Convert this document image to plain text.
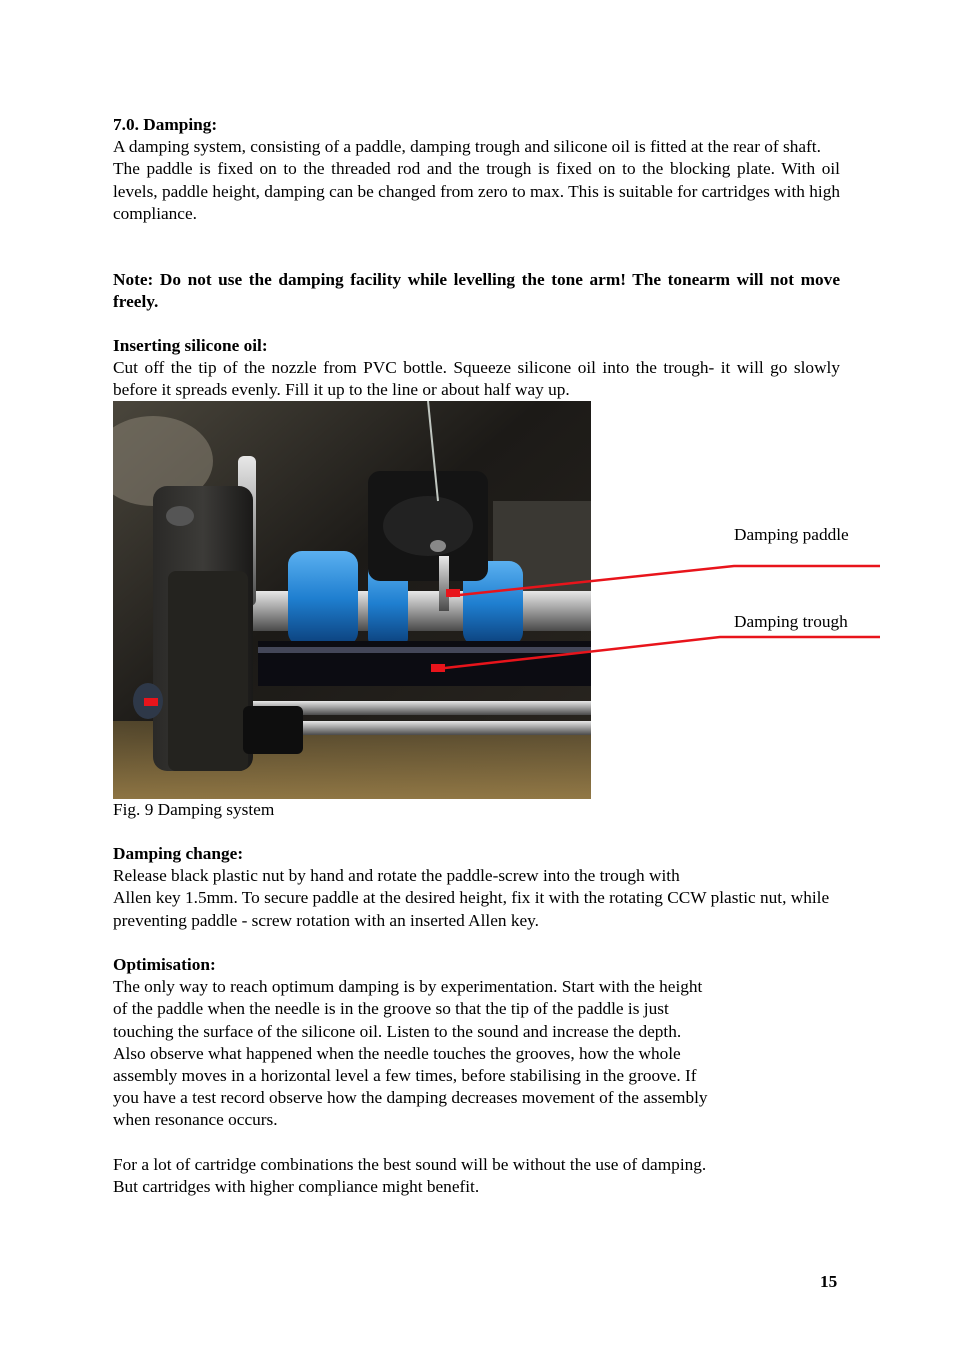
7.0. Damping:

A damping system, consisting of a paddle, damping trough and silicone oil is fitted at the rear of shaft.

The paddle is fixed on to the threaded rod and the trough is fixed on to the blocking plate. With oil levels, paddle height, damping can be changed from zero to max. This is suitable for cartridges with high compliance.

Note: Do not use the damping facility while levelling the tone arm! The tonearm will not move freely.

Inserting silicone oil:

Cut off the tip of the nozzle from PVC bottle. Squeeze silicone oil into the trough- it will go slowly before it spreads evenly. Fill it up to the line or about half way up.

Damping paddle
Damping trough
Fig. 9 Damping system

Damping change:

Release black plastic nut by hand and rotate the paddle-screw into the trough with

Allen key 1.5mm. To secure paddle at the desired height, fix it with the rotating CCW plastic nut, while preventing paddle - screw rotation with an inserted Allen key.

Optimisation:

The only way to reach optimum damping is by experimentation. Start with the height

of the paddle when the needle is in the groove so that the tip of the paddle is just

touching the surface of the silicone oil. Listen to the sound and increase the depth.

Also observe what happened when the needle touches the grooves, how the whole

assembly moves in a horizontal level a few times, before stabilising in the groove. If

you have a test record observe how the damping decreases movement of the assembly

when resonance occurs.

For a lot of cartridge combinations the best sound will be without the use of damping.

But cartridges with higher compliance might benefit.

15
